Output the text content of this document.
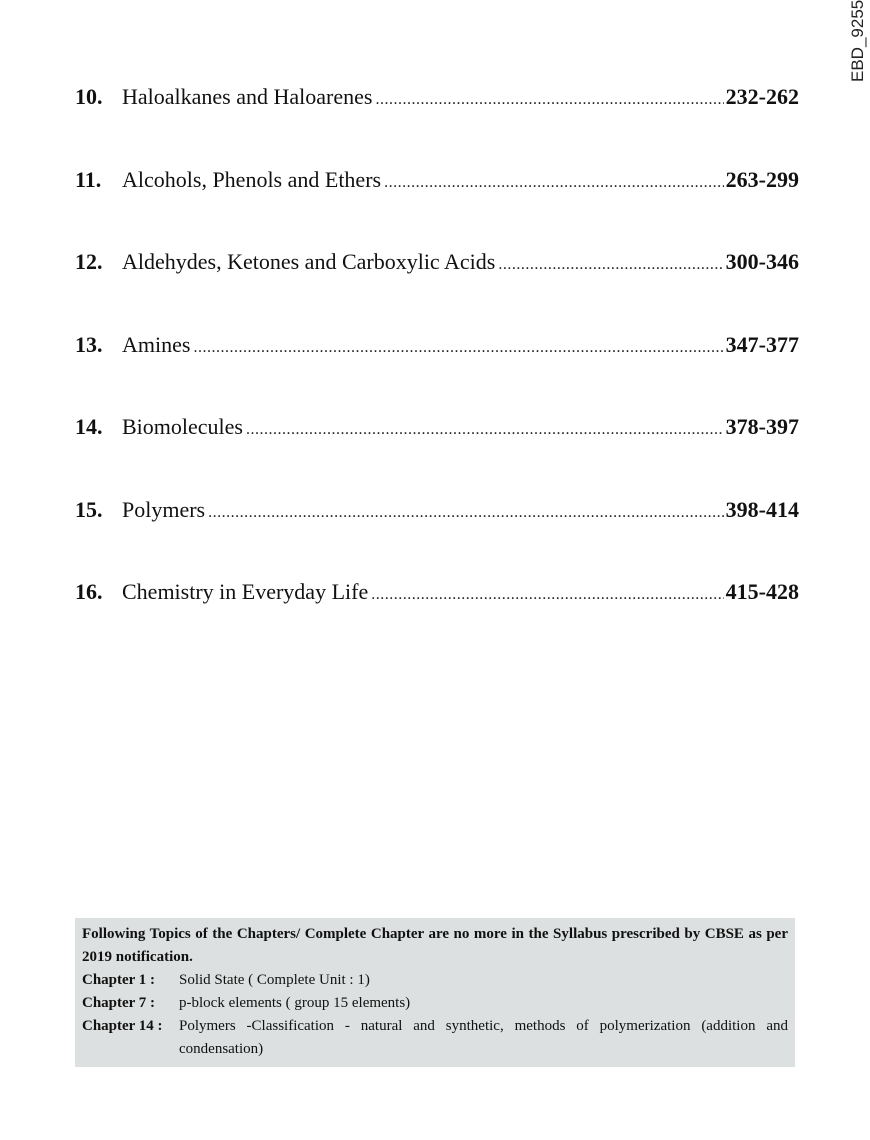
EBD_9255
10. Haloalkanes and Haloarenes .....	232-262
11. Alcohols, Phenols and Ethers .....	263-299
12. Aldehydes, Ketones and Carboxylic Acids .....	300-346
13. Amines .....	347-377
14. Biomolecules .....	378-397
15. Polymers .....	398-414
16. Chemistry in Everyday Life .....	415-428
Following Topics of the Chapters/ Complete Chapter are no more in the Syllabus prescribed by CBSE as per 2019 notification.
Chapter 1 :	Solid State ( Complete Unit : 1)
Chapter 7 :	p-block elements ( group 15 elements)
Chapter 14 :	Polymers -Classification - natural and synthetic, methods of polymerization (addition and condensation)
